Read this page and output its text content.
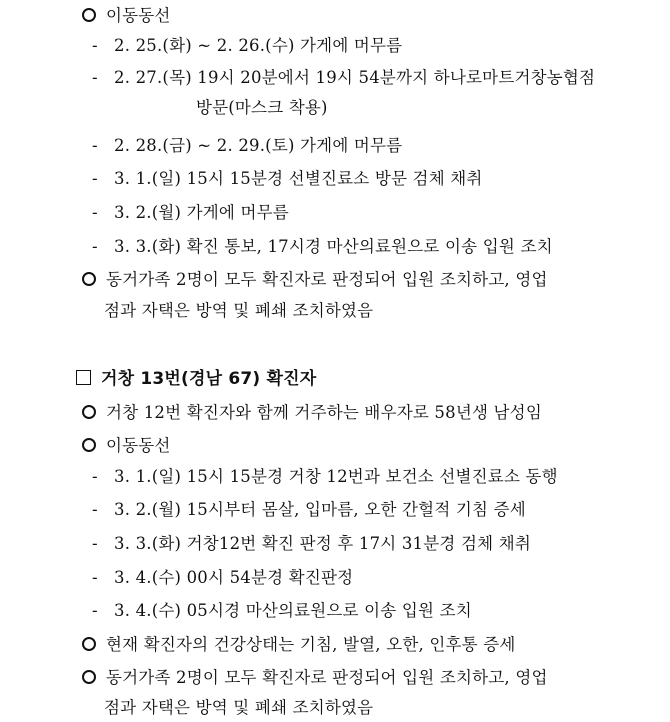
이동동선
- 2. 25.(화) ~ 2. 26.(수) 가게에 머무름
- 2. 27.(목) 19시 20분에서 19시 54분까지 하나로마트거창농협점
방문(마스크 착용)
- 2. 28.(금) ~ 2. 29.(토) 가게에 머무름
- 3. 1.(일) 15시 15분경 선별진료소 방문 검체 채취
- 3. 2.(월) 가게에 머무름
- 3. 3.(화) 확진 통보, 17시경 마산의료원으로 이송 입원 조치
동거가족 2명이 모두 확진자로 판정되어 입원 조치하고, 영업
점과 자택은 방역 및 폐쇄 조치하였음
거창 13번(경남 67) 확진자
거창 12번 확진자와 함께 거주하는 배우자로 58년생 남성임
이동동선
- 3. 1.(일) 15시 15분경 거창 12번과 보건소 선별진료소 동행
- 3. 2.(월) 15시부터 몸살, 입마름, 오한 간헐적 기침 증세
- 3. 3.(화) 거창12번 확진 판정 후 17시 31분경 검체 채취
- 3. 4.(수) 00시 54분경 확진판정
- 3. 4.(수) 05시경 마산의료원으로 이송 입원 조치
현재 확진자의 건강상태는 기침, 발열, 오한, 인후통 증세
동거가족 2명이 모두 확진자로 판정되어 입원 조치하고, 영업
점과 자택은 방역 및 폐쇄 조치하였음
